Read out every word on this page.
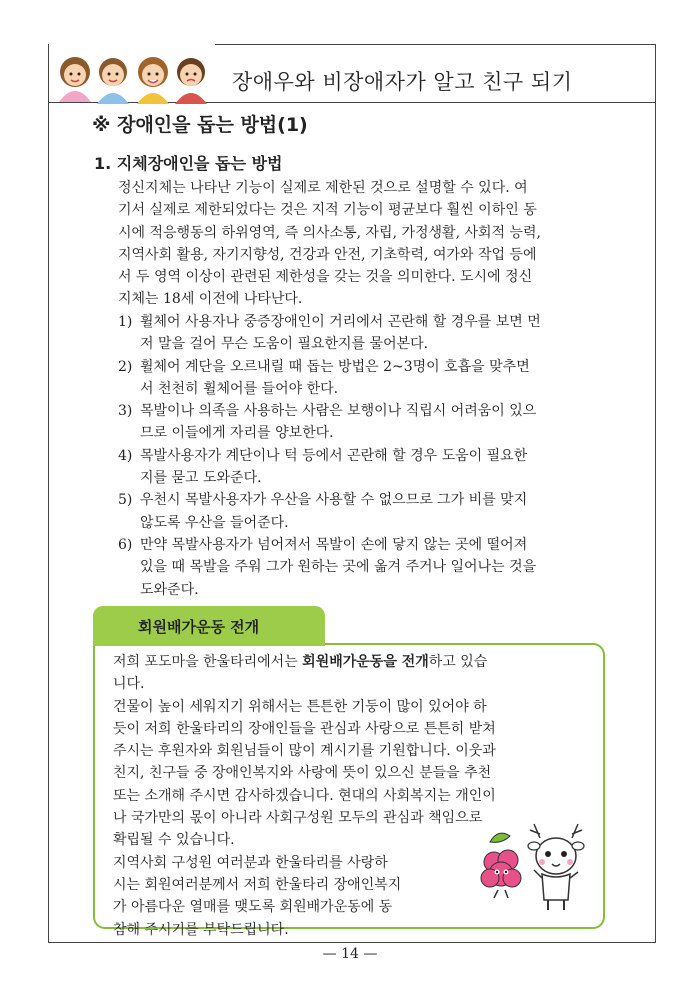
장애우와 비장애자가 알고 친구 되기
※ 장애인을 돕는 방법(1)
1. 지체장애인을 돕는 방법
정신지체는 나타난 기능이 실제로 제한된 것으로 설명할 수 있다. 여
기서 실제로 제한되었다는 것은 지적 기능이 평균보다 훨씬 이하인 동
시에 적응행동의 하위영역, 즉 의사소통, 자립, 가정생활, 사회적 능력,
지역사회 활용, 자기지향성, 건강과 안전, 기초학력, 여가와 작업 등에
서 두 영역 이상이 관련된 제한성을 갖는 것을 의미한다. 도시에 정신
지체는 18세 이전에 나타난다.
1) 휠체어 사용자나 중증장애인이 거리에서 곤란해 할 경우를 보면 먼
저 말을 걸어 무슨 도움이 필요한지를 물어본다.
2) 휠체어 계단을 오르내릴 때 돕는 방법은 2~3명이 호흡을 맞추면
서 천천히 휠체어를 들어야 한다.
3) 목발이나 의족을 사용하는 사람은 보행이나 직립시 어려움이 있으
므로 이들에게 자리를 양보한다.
4) 목발사용자가 계단이나 턱 등에서 곤란해 할 경우 도움이 필요한
지를 묻고 도와준다.
5) 우천시 목발사용자가 우산을 사용할 수 없으므로 그가 비를 맞지
않도록 우산을 들어준다.
6) 만약 목발사용자가 넘어져서 목발이 손에 닿지 않는 곳에 떨어져
있을 때 목발을 주워 그가 원하는 곳에 옮겨 주거나 일어나는 것을
도와준다.
회원배가운동 전개
저희 포도마을 한울타리에서는 회원배가운동을 전개하고 있습
니다.
건물이 높이 세워지기 위해서는 튼튼한 기둥이 많이 있어야 하
듯이 저희 한울타리의 장애인들을 관심과 사랑으로 튼튼히 받쳐
주시는 후원자와 회원님들이 많이 계시기를 기원합니다. 이웃과
친지, 친구들 중 장애인복지와 사랑에 뜻이 있으신 분들을 추천
또는 소개해 주시면 감사하겠습니다. 현대의 사회복지는 개인이
나 국가만의 몫이 아니라 사회구성원 모두의 관심과 책임으로
확립될 수 있습니다.
지역사회 구성원 여러분과 한울타리를 사랑하
시는 회원여러분께서 저희 한울타리 장애인복지
가 아름다운 열매를 맺도록 회원배가운동에 동
참해 주시기를 부탁드립니다.
— 14 —
